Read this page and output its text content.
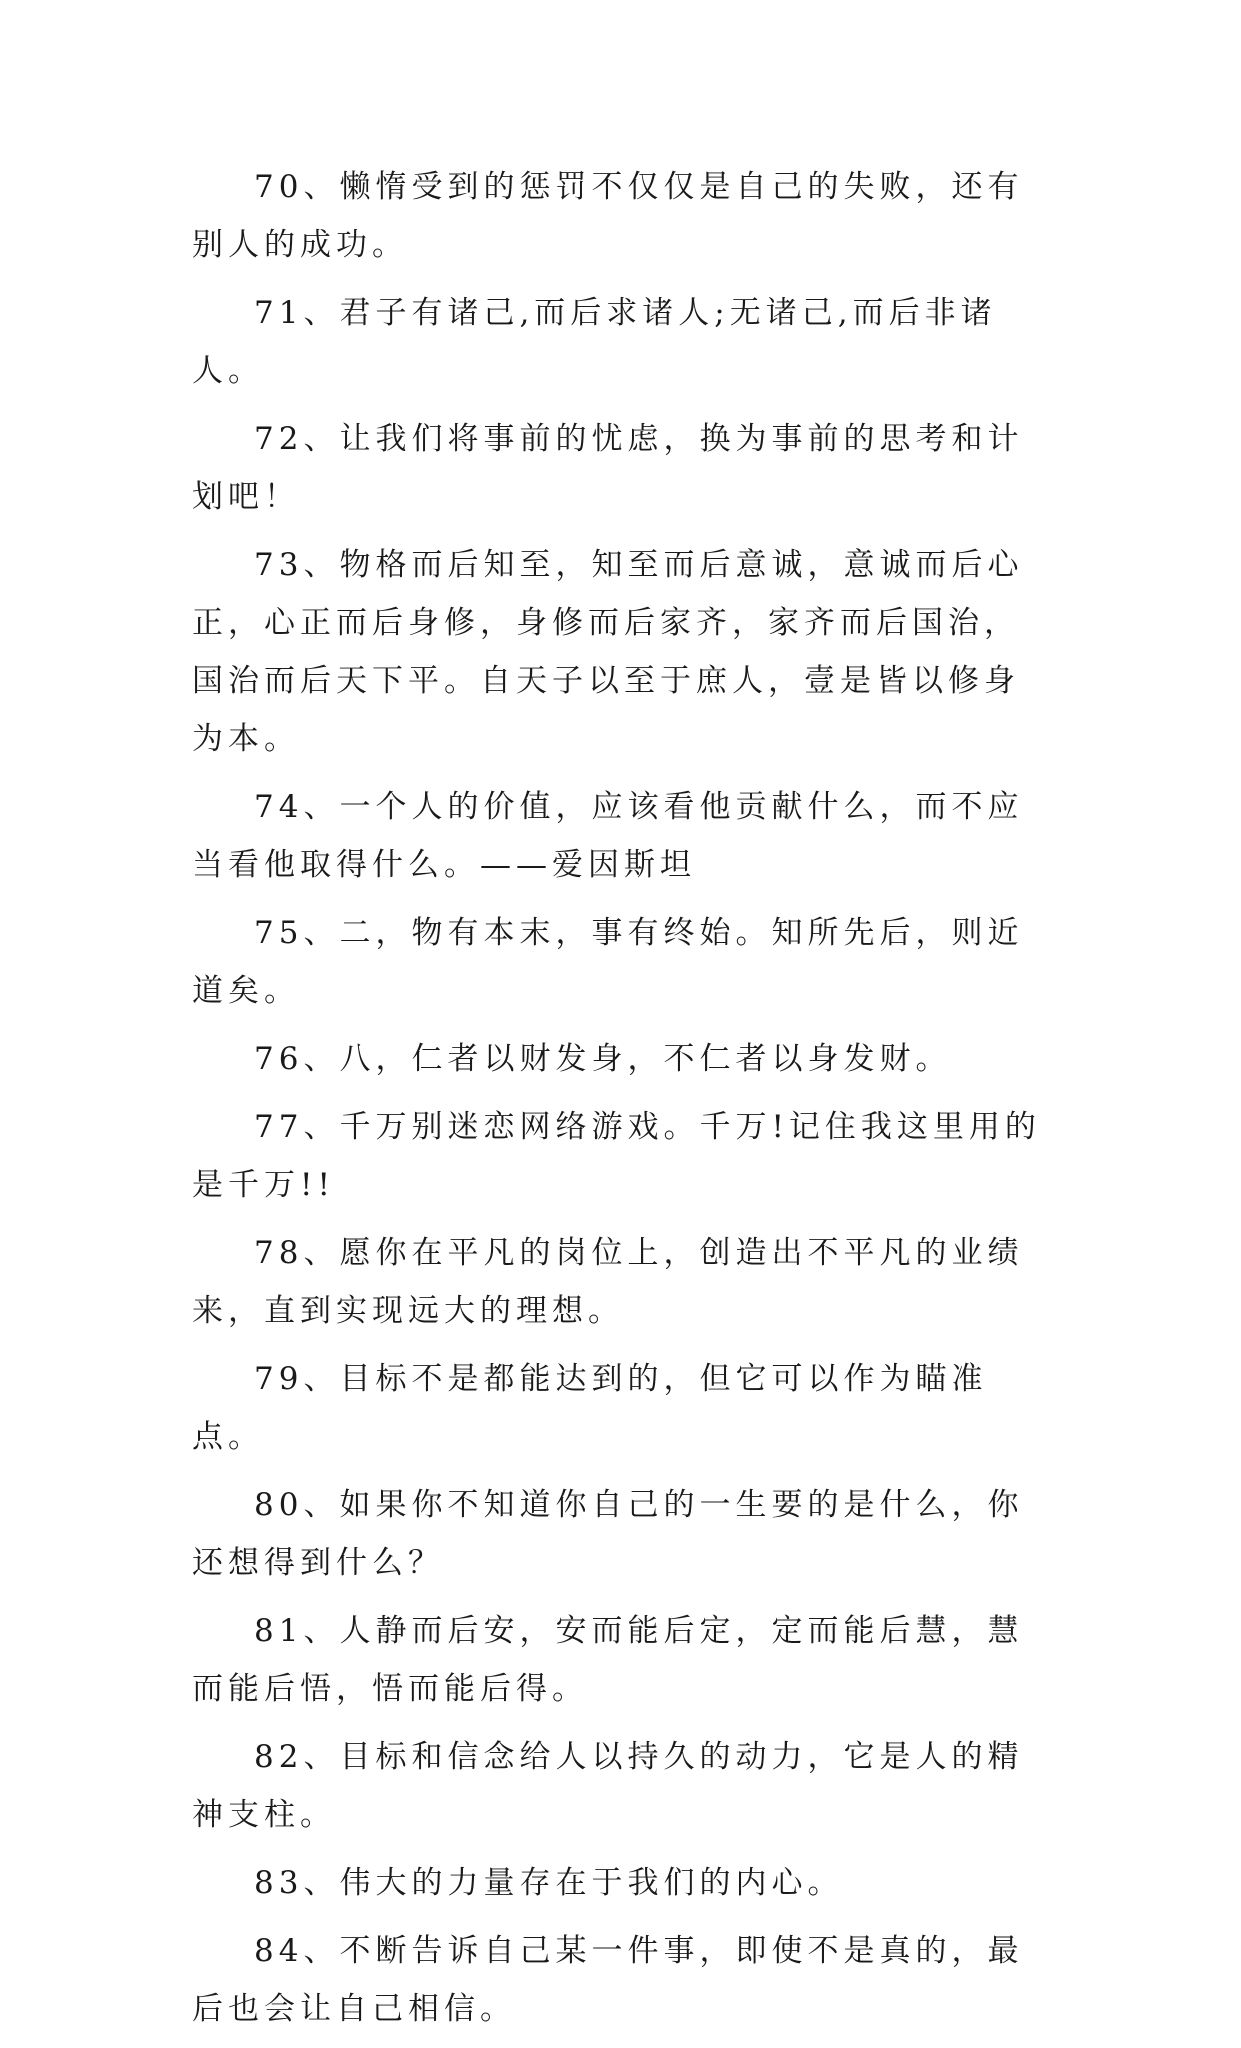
70、懒惰受到的惩罚不仅仅是自己的失败，还有别人的成功。

71、君子有诸己,而后求诸人;无诸己,而后非诸人。

72、让我们将事前的忧虑，换为事前的思考和计划吧！

73、物格而后知至，知至而后意诚，意诚而后心正，心正而后身修，身修而后家齐，家齐而后国治，国治而后天下平。自天子以至于庶人，壹是皆以修身为本。

74、一个人的价值，应该看他贡献什么，而不应当看他取得什么。——爱因斯坦

75、二，物有本末，事有终始。知所先后，则近道矣。

76、八，仁者以财发身，不仁者以身发财。

77、千万别迷恋网络游戏。千万!记住我这里用的是千万!!

78、愿你在平凡的岗位上，创造出不平凡的业绩来，直到实现远大的理想。

79、目标不是都能达到的，但它可以作为瞄准点。

80、如果你不知道你自己的一生要的是什么，你还想得到什么？

81、人静而后安，安而能后定，定而能后慧，慧而能后悟，悟而能后得。

82、目标和信念给人以持久的动力，它是人的精神支柱。

83、伟大的力量存在于我们的内心。

84、不断告诉自己某一件事，即使不是真的，最后也会让自己相信。
